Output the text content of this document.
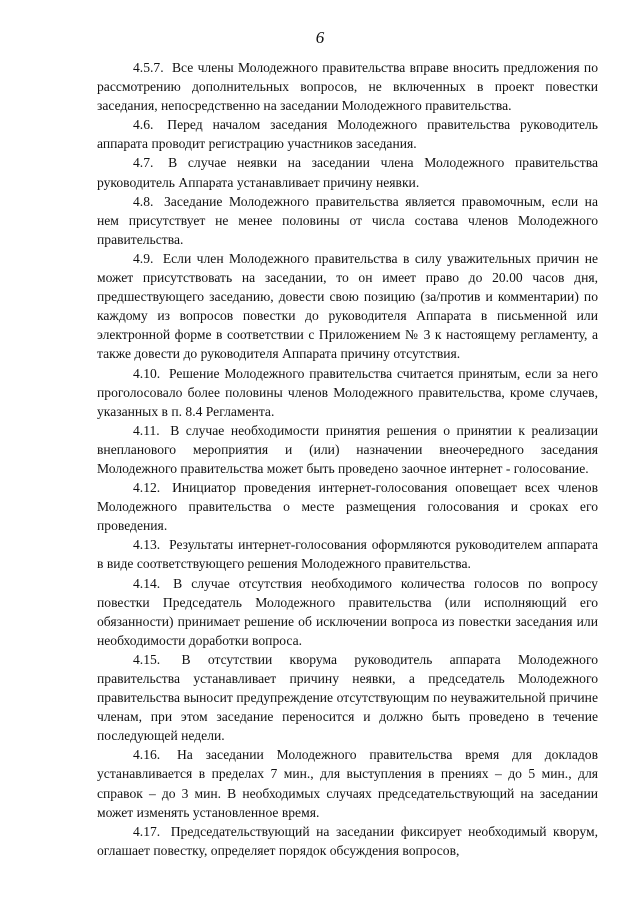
6

4.5.7. Все члены Молодежного правительства вправе вносить предложения по рассмотрению дополнительных вопросов, не включенных в проект повестки заседания, непосредственно на заседании Молодежного правительства.

4.6. Перед началом заседания Молодежного правительства руководитель аппарата проводит регистрацию участников заседания.

4.7. В случае неявки на заседании члена Молодежного правительства руководитель Аппарата устанавливает причину неявки.

4.8. Заседание Молодежного правительства является правомочным, если на нем присутствует не менее половины от числа состава членов Молодежного правительства.

4.9. Если член Молодежного правительства в силу уважительных причин не может присутствовать на заседании, то он имеет право до 20.00 часов дня, предшествующего заседанию, довести свою позицию (за/против и комментарии) по каждому из вопросов повестки до руководителя Аппарата в письменной или электронной форме в соответствии с Приложением № 3 к настоящему регламенту, а также довести до руководителя Аппарата причину отсутствия.

4.10. Решение Молодежного правительства считается принятым, если за него проголосовало более половины членов Молодежного правительства, кроме случаев, указанных в п. 8.4 Регламента.

4.11. В случае необходимости принятия решения о принятии к реализации внепланового мероприятия и (или) назначении внеочередного заседания Молодежного правительства может быть проведено заочное интернет - голосование.

4.12. Инициатор проведения интернет-голосования оповещает всех членов Молодежного правительства о месте размещения голосования и сроках его проведения.

4.13. Результаты интернет-голосования оформляются руководителем аппарата в виде соответствующего решения Молодежного правительства.

4.14. В случае отсутствия необходимого количества голосов по вопросу повестки Председатель Молодежного правительства (или исполняющий его обязанности) принимает решение об исключении вопроса из повестки заседания или необходимости доработки вопроса.

4.15. В отсутствии кворума руководитель аппарата Молодежного правительства устанавливает причину неявки, а председатель Молодежного правительства выносит предупреждение отсутствующим по неуважительной причине членам, при этом заседание переносится и должно быть проведено в течение последующей недели.

4.16. На заседании Молодежного правительства время для докладов устанавливается в пределах 7 мин., для выступления в прениях – до 5 мин., для справок – до 3 мин. В необходимых случаях председательствующий на заседании может изменять установленное время.

4.17. Председательствующий на заседании фиксирует необходимый кворум, оглашает повестку, определяет порядок обсуждения вопросов,
